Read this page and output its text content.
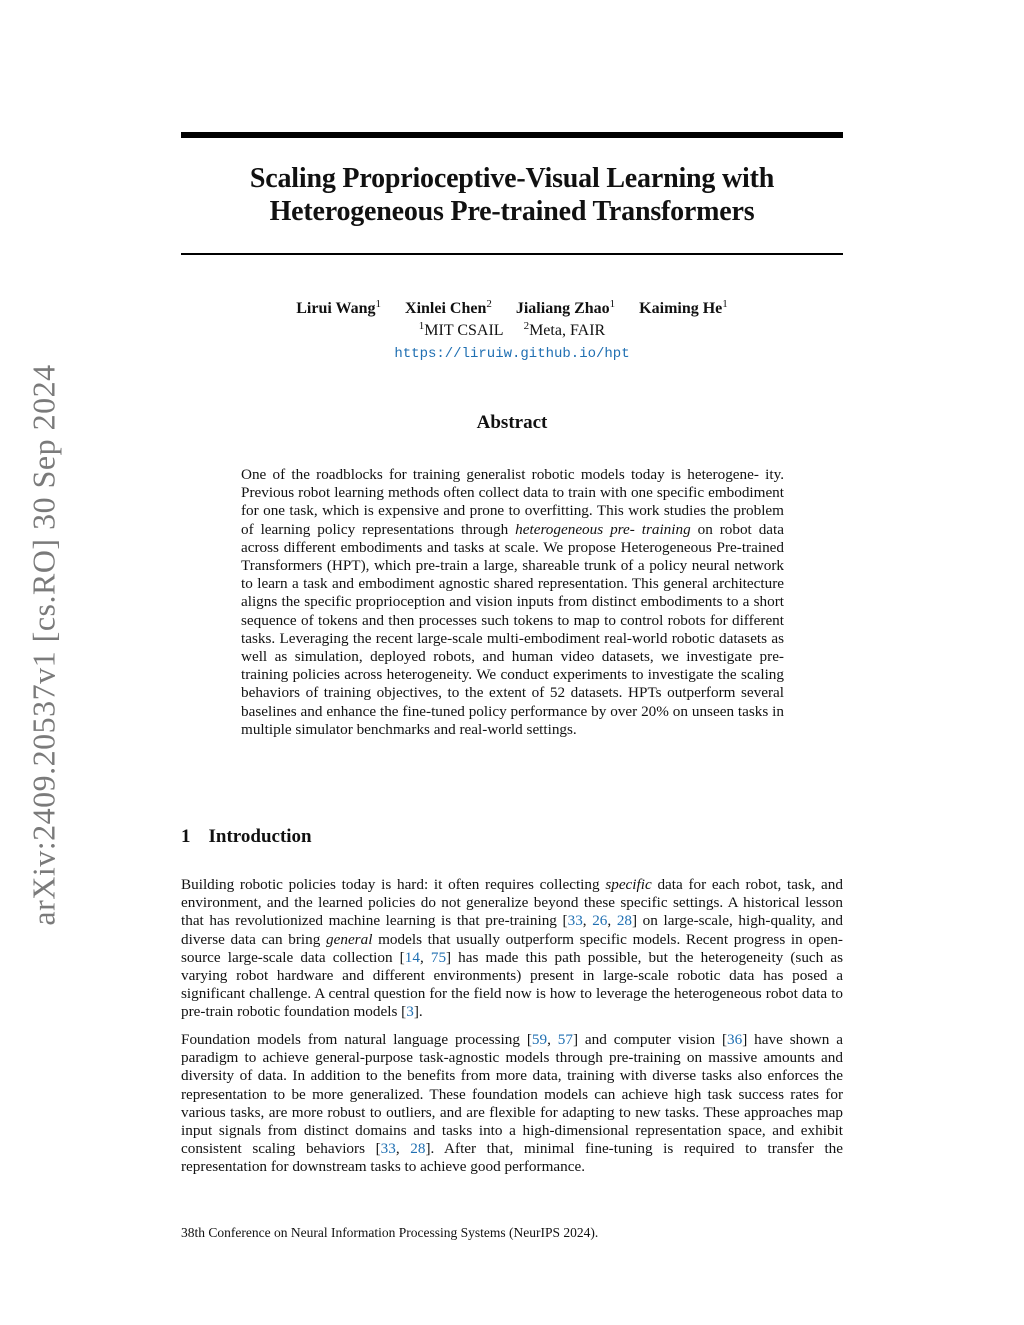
arXiv:2409.20537v1 [cs.RO] 30 Sep 2024
Scaling Proprioceptive-Visual Learning with
Heterogeneous Pre-trained Transformers
Lirui Wang$^1$ Xinlei Chen$^2$ Jialiang Zhao$^1$ Kaiming He$^1$
$^1$MIT CSAIL $^2$Meta, FAIR
https://liruiw.github.io/hpt
Abstract
One of the roadblocks for training generalist robotic models today is heterogene- ity. Previous robot learning methods often collect data to train with one specific embodiment for one task, which is expensive and prone to overfitting. This work studies the problem of learning policy representations through heterogeneous pre- training on robot data across different embodiments and tasks at scale. We propose Heterogeneous Pre-trained Transformers (HPT), which pre-train a large, shareable trunk of a policy neural network to learn a task and embodiment agnostic shared representation. This general architecture aligns the specific proprioception and vision inputs from distinct embodiments to a short sequence of tokens and then processes such tokens to map to control robots for different tasks. Leveraging the recent large-scale multi-embodiment real-world robotic datasets as well as simulation, deployed robots, and human video datasets, we investigate pre-training policies across heterogeneity. We conduct experiments to investigate the scaling behaviors of training objectives, to the extent of 52 datasets. HPTs outperform several baselines and enhance the fine-tuned policy performance by over 20% on unseen tasks in multiple simulator benchmarks and real-world settings.
1 Introduction
Building robotic policies today is hard: it often requires collecting specific data for each robot, task, and environment, and the learned policies do not generalize beyond these specific settings. A historical lesson that has revolutionized machine learning is that pre-training [33, 26, 28] on large-scale, high-quality, and diverse data can bring general models that usually outperform specific models. Recent progress in open-source large-scale data collection [14, 75] has made this path possible, but the heterogeneity (such as varying robot hardware and different environments) present in large-scale robotic data has posed a significant challenge. A central question for the field now is how to leverage the heterogeneous robot data to pre-train robotic foundation models [3].
Foundation models from natural language processing [59, 57] and computer vision [36] have shown a paradigm to achieve general-purpose task-agnostic models through pre-training on massive amounts and diversity of data. In addition to the benefits from more data, training with diverse tasks also enforces the representation to be more generalized. These foundation models can achieve high task success rates for various tasks, are more robust to outliers, and are flexible for adapting to new tasks. These approaches map input signals from distinct domains and tasks into a high-dimensional representation space, and exhibit consistent scaling behaviors [33, 28]. After that, minimal fine-tuning is required to transfer the representation for downstream tasks to achieve good performance.
38th Conference on Neural Information Processing Systems (NeurIPS 2024).
